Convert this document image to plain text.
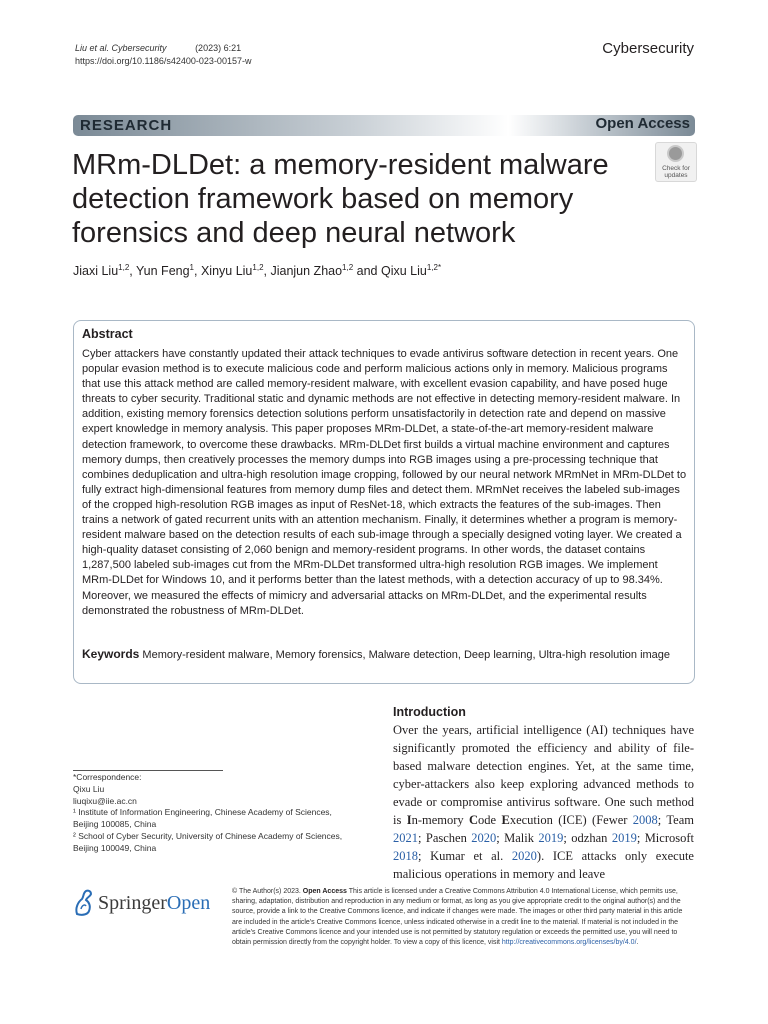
Liu et al. Cybersecurity	(2023) 6:21
https://doi.org/10.1186/s42400-023-00157-w
Cybersecurity
RESEARCH	Open Access
MRm-DLDet: a memory-resident malware detection framework based on memory forensics and deep neural network
Check for
updates
Jiaxi Liu$^{1,2}$, Yun Feng$^1$, Xinyu Liu$^{1,2}$, Jianjun Zhao$^{1,2}$ and Qixu Liu$^{1,2*}$
Abstract
Cyber attackers have constantly updated their attack techniques to evade antivirus software detection in recent years. One popular evasion method is to execute malicious code and perform malicious actions only in memory. Malicious programs that use this attack method are called memory-resident malware, with excellent evasion capability, and have posed huge threats to cyber security. Traditional static and dynamic methods are not effective in detecting memory-resident malware. In addition, existing memory forensics detection solutions perform unsatisfactorily in detection rate and depend on massive expert knowledge in memory analysis. This paper proposes MRm-DLDet, a state-of-the-art memory-resident malware detection framework, to overcome these drawbacks. MRm-DLDet first builds a virtual machine environment and captures memory dumps, then creatively processes the memory dumps into RGB images using a pre-processing technique that combines deduplication and ultra-high resolution image cropping, followed by our neural network MRmNet in MRm-DLDet to fully extract high-dimensional features from memory dump files and detect them. MRmNet receives the labeled sub-images of the cropped high-resolution RGB images as input of ResNet-18, which extracts the features of the sub-images. Then trains a network of gated recurrent units with an attention mechanism. Finally, it determines whether a program is memory-resident malware based on the detection results of each sub-image through a specially designed voting layer. We created a high-quality dataset consisting of 2,060 benign and memory-resident programs. In other words, the dataset contains 1,287,500 labeled sub-images cut from the MRm-DLDet transformed ultra-high resolution RGB images. We implement MRm-DLDet for Windows 10, and it performs better than the latest methods, with a detection accuracy of up to 98.34%. Moreover, we measured the effects of mimicry and adversarial attacks on MRm-DLDet, and the experimental results demonstrated the robustness of MRm-DLDet.
Keywords Memory-resident malware, Memory forensics, Malware detection, Deep learning, Ultra-high resolution image
Introduction
Over the years, artificial intelligence (AI) techniques have significantly promoted the efficiency and ability of file-based malware detection engines. Yet, at the same time, cyber-attackers also keep exploring advanced methods to evade or compromise antivirus software. One such method is In-memory Code Execution (ICE) (Fewer 2008; Team 2021; Paschen 2020; Malik 2019; odzhan 2019; Microsoft 2018; Kumar et al. 2020). ICE attacks only execute malicious operations in memory and leave
*Correspondence:
Qixu Liu
liuqixu@iie.ac.cn
¹ Institute of Information Engineering, Chinese Academy of Sciences,
Beijing 100085, China
² School of Cyber Security, University of Chinese Academy of Sciences,
Beijing 100049, China
SpringerOpen
© The Author(s) 2023. Open Access This article is licensed under a Creative Commons Attribution 4.0 International License, which permits use, sharing, adaptation, distribution and reproduction in any medium or format, as long as you give appropriate credit to the original author(s) and the source, provide a link to the Creative Commons licence, and indicate if changes were made. The images or other third party material in this article are included in the article's Creative Commons licence, unless indicated otherwise in a credit line to the material. If material is not included in the article's Creative Commons licence and your intended use is not permitted by statutory regulation or exceeds the permitted use, you will need to obtain permission directly from the copyright holder. To view a copy of this licence, visit http://creativecommons.org/licenses/by/4.0/.
